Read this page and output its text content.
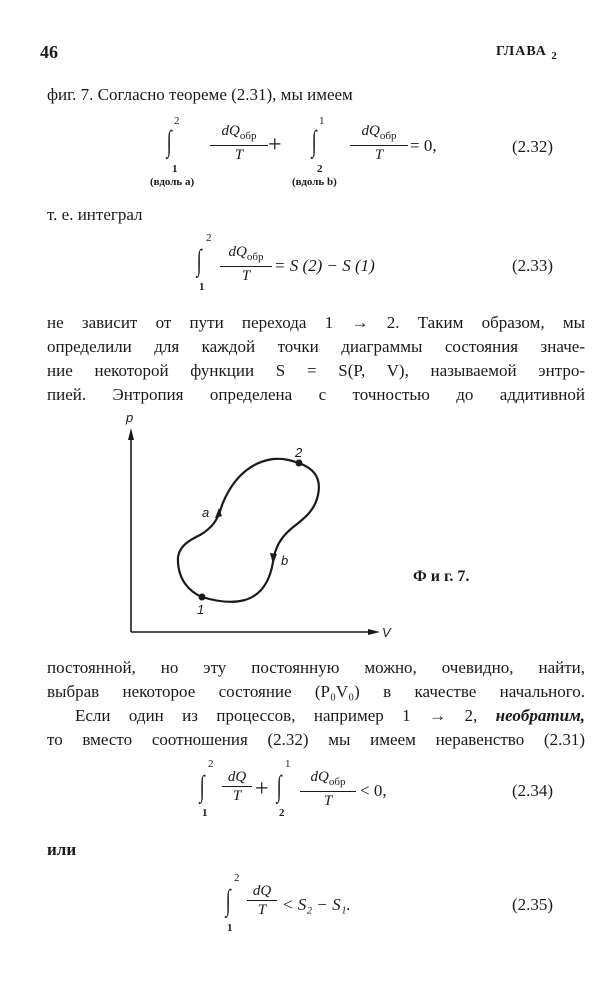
46	ГЛАВА $_2$
фиг. 7. Согласно теореме (2.31), мы имеем
2
∫
1
(вдоль a)
$dQ_{обр}$
T	+
1
∫
2
(вдоль b)
$dQ_{обр}$
T	= 0,	(2.32)
т. е. интеграл
2
∫
1
$dQ_{обр}$
T
= S (2) − S (1)	(2.33)
не зависит от пути перехода 1 → 2. Таким образом, мы
определили для каждой точки диаграммы состояния значе-
ние некоторой функции S = S(P, V), называемой энтро-
пией. Энтропия определена с точностью до аддитивной
p
V
1
2
a
b
Ф и г. 7.
постоянной, но эту постоянную можно, очевидно, найти,
выбрав некоторое состояние (P₀V₀) в качестве начального.
Если один из процессов, например 1 → 2, необратим,
то вместо соотношения (2.32) мы имеем неравенство (2.31)
2
∫
1
dQ
T +
1
∫
2
$dQ_{обр}$
T
< 0,	(2.34)
или
2
∫
1
dQ
T < S₂ − S₁.	(2.35)
